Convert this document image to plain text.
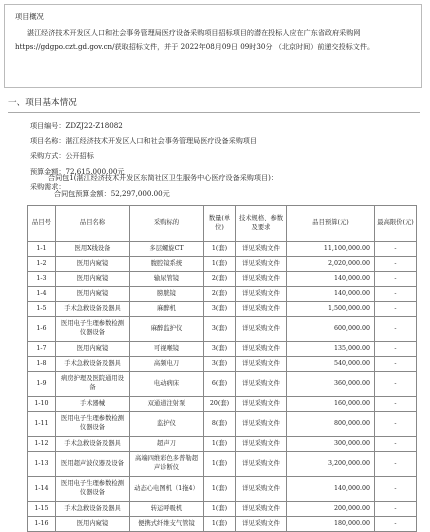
项目概况
湛江经济技术开发区人口和社会事务管理局医疗设备采购项目招标项目的潜在投标人应在广东省政府采购网https://gdgpo.czt.gd.gov.cn/获取招标文件，并于 2022年08月09日 09时30分 （北京时间）前递交投标文件。
一、项目基本情况
项目编号：ZDZJ22-Z18082
项目名称：湛江经济技术开发区人口和社会事务管理局医疗设备采购项目
采购方式：公开招标
预算金额：72,615,000.00元
采购需求：
合同包1(湛江经济技术开发区东简社区卫生服务中心医疗设备采购项目)：
合同包预算金额：52,297,000.00元
品目号	品目名称	采购标的	数量(单位)	技术规格、参数及要求	品目预算(元)	最高限价(元)
1-1	医用X线设备	多层螺旋CT	1(套)	详见采购文件	11,100,000.00	-
1-2	医用内窥镜	腹腔镜系统	1(套)	详见采购文件	2,020,000.00	-
1-3	医用内窥镜	输尿管镜	2(套)	详见采购文件	140,000.00	-
1-4	医用内窥镜	膀胱镜	2(套)	详见采购文件	140,000.00	-
1-5	手术急救设备及器具	麻醉机	3(套)	详见采购文件	1,500,000.00	-
1-6	医用电子生理参数检测仪器设备	麻醉监护仪	3(套)	详见采购文件	600,000.00	-
1-7	医用内窥镜	可视喉镜	3(套)	详见采购文件	135,000.00	-
1-8	手术急救设备及器具	高频电刀	3(套)	详见采购文件	540,000.00	-
1-9	病房护理及医院通用设备	电动病床	6(套)	详见采购文件	360,000.00	-
1-10	手术器械	双通道注射泵	20(套)	详见采购文件	160,000.00	-
1-11	医用电子生理参数检测仪器设备	监护仪	8(套)	详见采购文件	800,000.00	-
1-12	手术急救设备及器具	超声刀	1(套)	详见采购文件	300,000.00	-
1-13	医用超声波仪器及设备	高端四维彩色多普勒超声诊断仪	1(套)	详见采购文件	3,200,000.00	-
1-14	医用电子生理参数检测仪器设备	动态心电图机（1拖4）	1(套)	详见采购文件	140,000.00	-
1-15	手术急救设备及器具	转运呼吸机	1(套)	详见采购文件	200,000.00	-
1-16	医用内窥镜	便携式纤维支气管镜	1(套)	详见采购文件	180,000.00	-
